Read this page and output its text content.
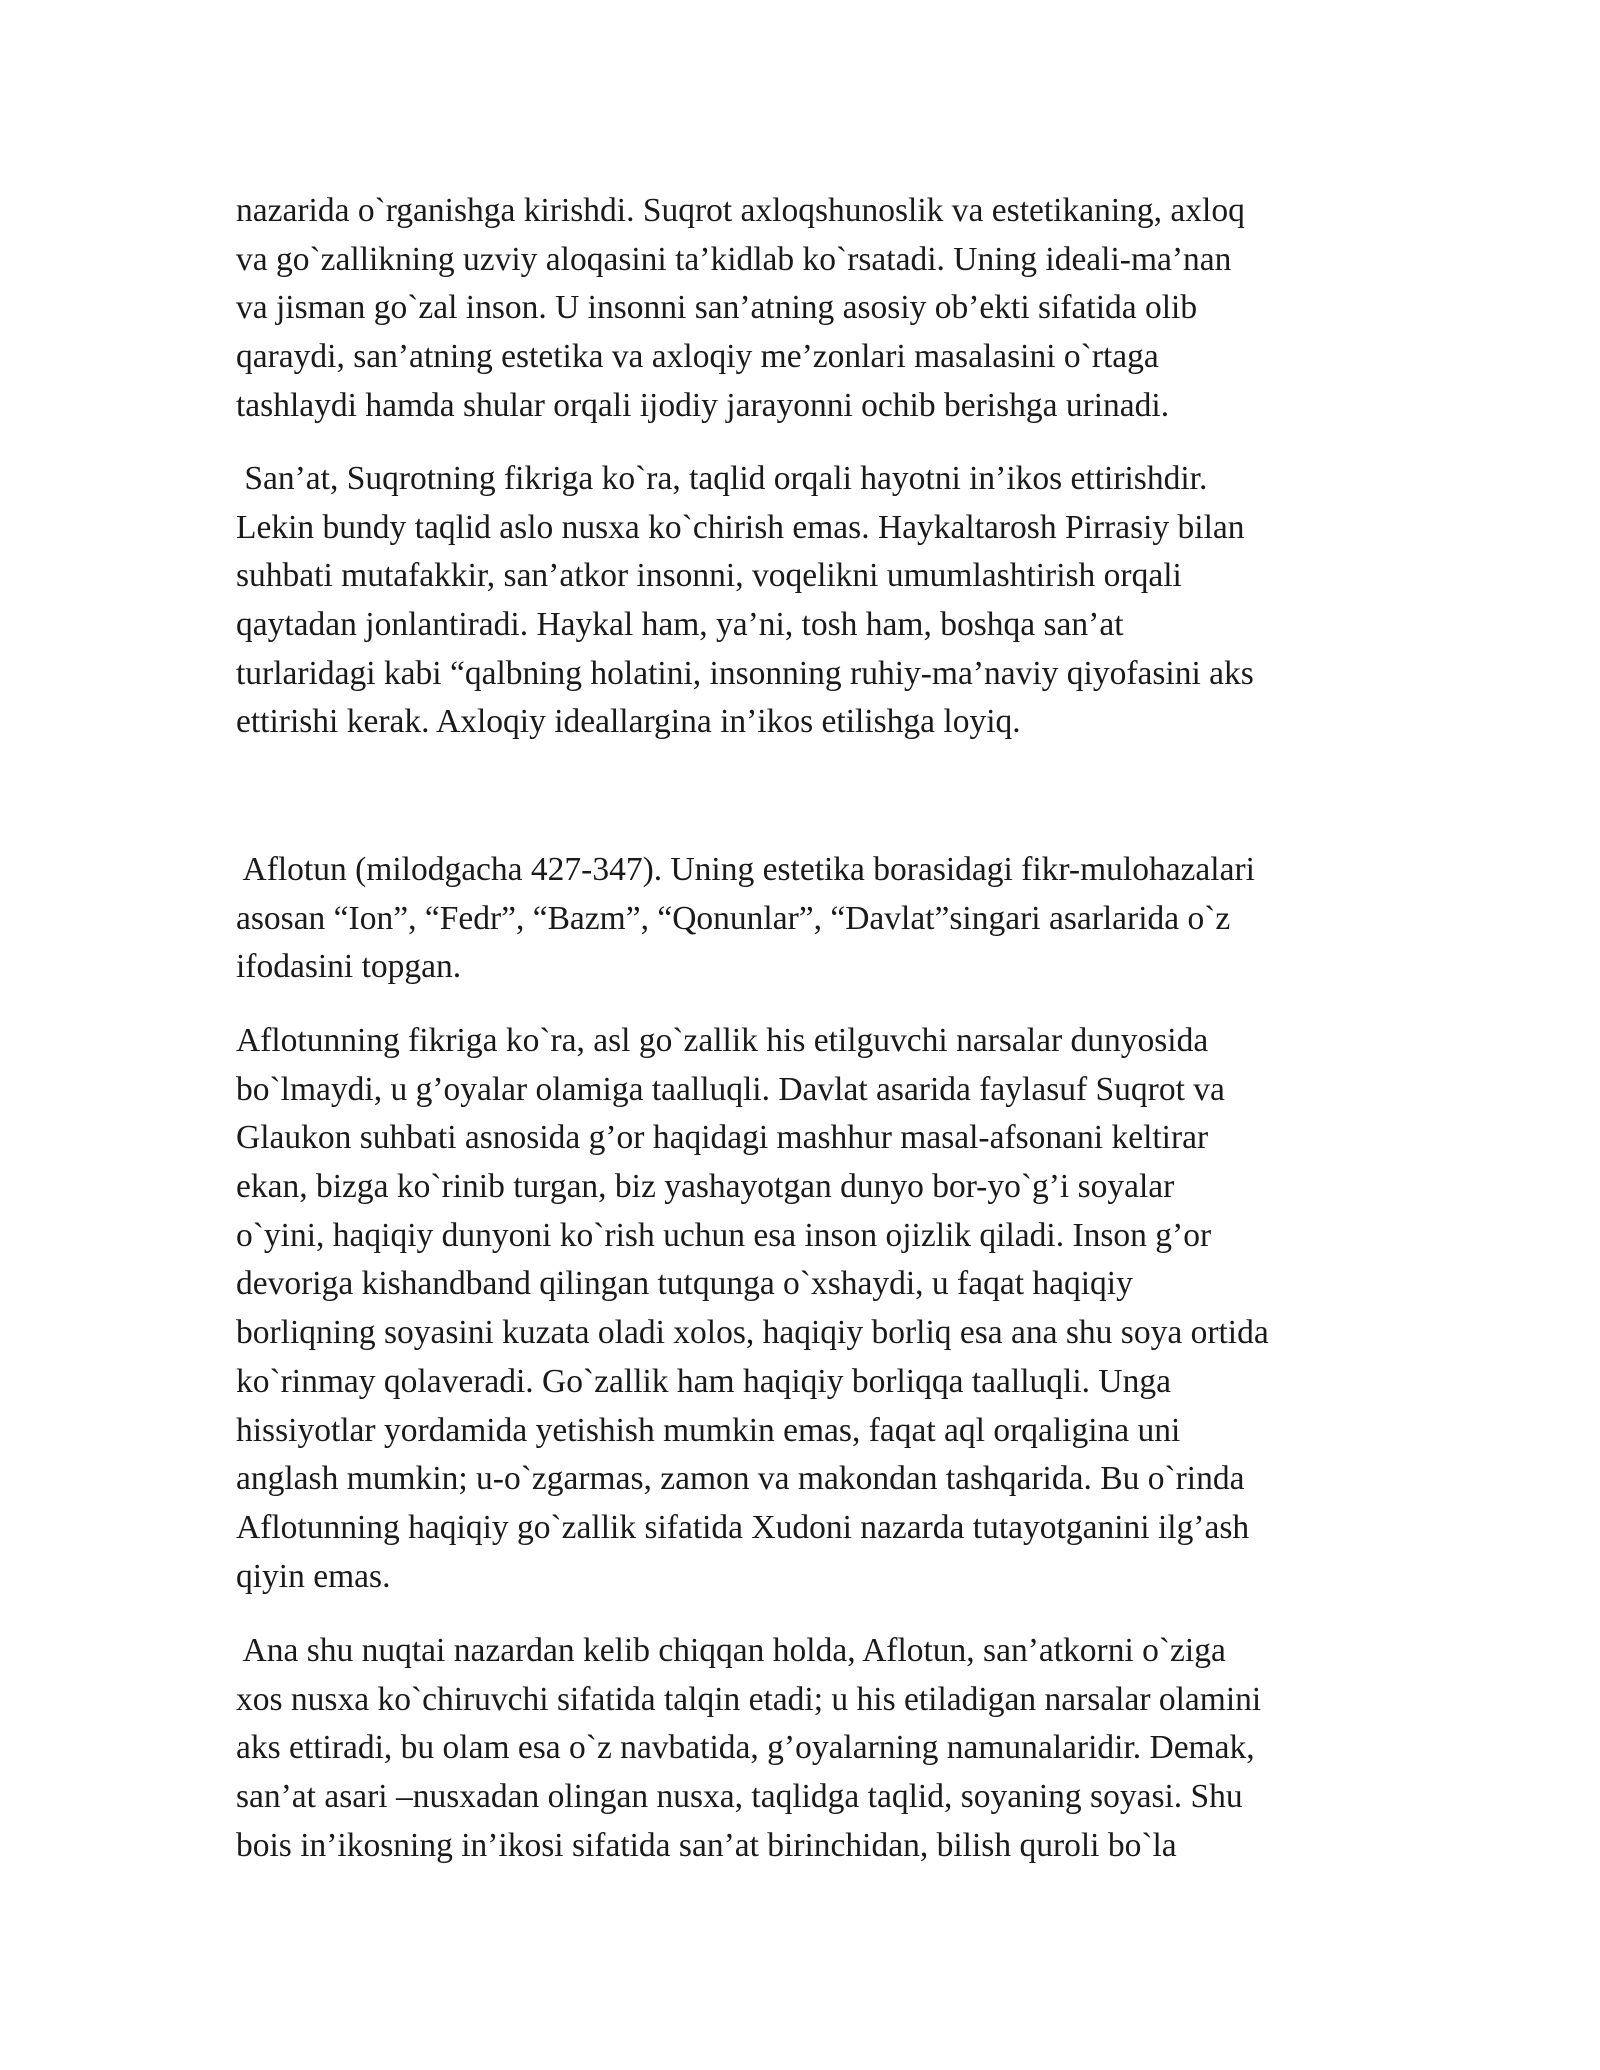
nazarida o`rganishga kirishdi. Suqrot axloqshunoslik va estetikaning, axloq
va go`zallikning uzviy aloqasini ta’kidlab ko`rsatadi. Uning ideali-ma’nan
va jisman go`zal inson. U insonni san’atning asosiy ob’ekti sifatida olib
qaraydi, san’atning estetika va axloqiy me’zonlari masalasini o`rtaga
tashlaydi hamda shular orqali ijodiy jarayonni ochib berishga urinadi.
San’at, Suqrotning fikriga ko`ra, taqlid orqali hayotni in’ikos ettirishdir.
Lekin bundy taqlid aslo nusxa ko`chirish emas. Haykaltarosh Pirrasiy bilan
suhbati mutafakkir, san’atkor insonni, voqelikni umumlashtirish orqali
qaytadan jonlantiradi. Haykal ham, ya’ni, tosh ham, boshqa san’at
turlaridagi kabi “qalbning holatini, insonning ruhiy-ma’naviy qiyofasini aks
ettirishi kerak. Axloqiy ideallargina in’ikos etilishga loyiq.
Aflotun (milodgacha 427-347). Uning estetika borasidagi fikr-mulohazalari
asosan “Ion”, “Fedr”, “Bazm”, “Qonunlar”, “Davlat”singari asarlarida o`z
ifodasini topgan.
Aflotunning fikriga ko`ra, asl go`zallik his etilguvchi narsalar dunyosida
bo`lmaydi, u g’oyalar olamiga taalluqli. Davlat asarida faylasuf Suqrot va
Glaukon suhbati asnosida g’or haqidagi mashhur masal-afsonani keltirar
ekan, bizga ko`rinib turgan, biz yashayotgan dunyo bor-yo`g’i soyalar
o`yini, haqiqiy dunyoni ko`rish uchun esa inson ojizlik qiladi. Inson g’or
devoriga kishandband qilingan tutqunga o`xshaydi, u faqat haqiqiy
borliqning soyasini kuzata oladi xolos, haqiqiy borliq esa ana shu soya ortida
ko`rinmay qolaveradi. Go`zallik ham haqiqiy borliqqa taalluqli. Unga
hissiyotlar yordamida yetishish mumkin emas, faqat aql orqaligina uni
anglash mumkin; u-o`zgarmas, zamon va makondan tashqarida. Bu o`rinda
Aflotunning haqiqiy go`zallik sifatida Xudoni nazarda tutayotganini ilg’ash
qiyin emas.
Ana shu nuqtai nazardan kelib chiqqan holda, Aflotun, san’atkorni o`ziga
xos nusxa ko`chiruvchi sifatida talqin etadi; u his etiladigan narsalar olamini
aks ettiradi, bu olam esa o`z navbatida, g’oyalarning namunalaridir. Demak,
san’at asari –nusxadan olingan nusxa, taqlidga taqlid, soyaning soyasi. Shu
bois in’ikosning in’ikosi sifatida san’at birinchidan, bilish quroli bo`la
